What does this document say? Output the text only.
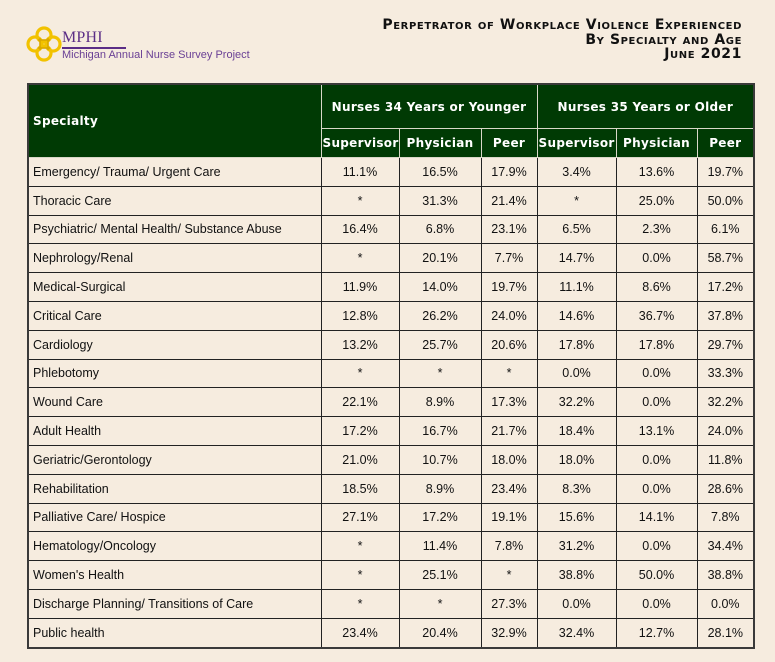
MPHI
Michigan Annual Nurse Survey Project
Perpetrator of Workplace Violence Experienced
By Specialty and Age
June 2021
Specialty	Nurses 34 Years or Younger			Nurses 35 Years or Older		
	Supervisor	Physician	Peer	Supervisor	Physician	Peer
Emergency/ Trauma/ Urgent Care	11.1%	16.5%	17.9%	3.4%	13.6%	19.7%
Thoracic Care	*	31.3%	21.4%	*	25.0%	50.0%
Psychiatric/ Mental Health/ Substance Abuse	16.4%	6.8%	23.1%	6.5%	2.3%	6.1%
Nephrology/Renal	*	20.1%	7.7%	14.7%	0.0%	58.7%
Medical-Surgical	11.9%	14.0%	19.7%	11.1%	8.6%	17.2%
Critical Care	12.8%	26.2%	24.0%	14.6%	36.7%	37.8%
Cardiology	13.2%	25.7%	20.6%	17.8%	17.8%	29.7%
Phlebotomy	*	*	*	0.0%	0.0%	33.3%
Wound Care	22.1%	8.9%	17.3%	32.2%	0.0%	32.2%
Adult Health	17.2%	16.7%	21.7%	18.4%	13.1%	24.0%
Geriatric/Gerontology	21.0%	10.7%	18.0%	18.0%	0.0%	11.8%
Rehabilitation	18.5%	8.9%	23.4%	8.3%	0.0%	28.6%
Palliative Care/ Hospice	27.1%	17.2%	19.1%	15.6%	14.1%	7.8%
Hematology/Oncology	*	11.4%	7.8%	31.2%	0.0%	34.4%
Women's Health	*	25.1%	*	38.8%	50.0%	38.8%
Discharge Planning/ Transitions of Care	*	*	27.3%	0.0%	0.0%	0.0%
Public health	23.4%	20.4%	32.9%	32.4%	12.7%	28.1%
